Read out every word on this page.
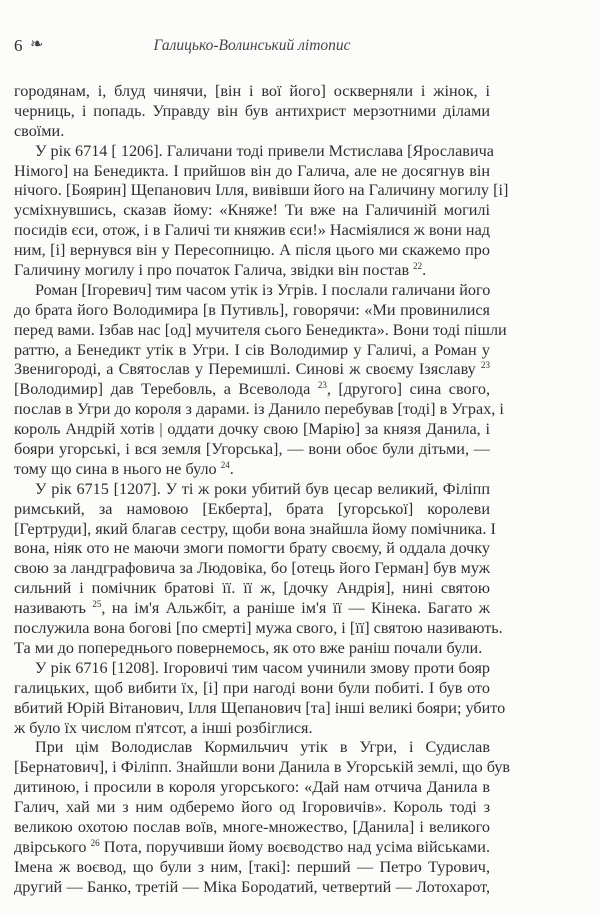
6 ❧	Галицько-Волинський літопис
городянам, і, блуд чинячи, [він і вої його] оскверняли і жінок, і
черниць, і попадь. Управду він був антихрист мерзотними ділами
своїми.
У рік 6714 [ 1206]. Галичани тоді привели Мстислава [Ярославича
Німого] на Бенедикта. І прийшов він до Галича, але не досягнув він
нічого. [Боярин] Щепанович Ілля, вивівши його на Галичину могилу [і]
усміхнувшись, сказав йому: «Княже! Ти вже на Галичиній могилі
посидів єси, отож, і в Галичі ти княжив єси!» Насміялися ж вони над
ним, [і] вернувся він у Пересопницю. А після цього ми скажемо про
Галичину могилу і про початок Галича, звідки він постав $^{22}$.
Роман [Ігоревич] тим часом утік із Угрів. І послали галичани його
до брата його Володимира [в Путивль], говорячи: «Ми провинилися
перед вами. Ізбав нас [од] мучителя сього Бенедикта». Вони тоді пішли
раттю, а Бенедикт утік в Угри. І сів Володимир у Галичі, а Роман у
Звенигороді, а Святослав у Перемишлі. Синові ж своєму Ізяславу $^{23}$
[Володимир] дав Теребовль, а Всеволода $^{23}$, [другого] сина свого,
послав в Угри до короля з дарами. із Данило перебував [тоді] в Уграх, і
король Андрій хотів | оддати дочку свою [Марію] за князя Данила, і
бояри угорські, і вся земля [Угорська], — вони обоє були дітьми, —
тому що сина в нього не було $^{24}$.
У рік 6715 [1207]. У ті ж роки убитий був цесар великий, Філіпп
римський, за намовою [Екберта], брата [угорської] королеви
[Гертруди], який благав сестру, щоби вона знайшла йому помічника. І
вона, ніяк ото не маючи змоги помогти брату своєму, й оддала дочку
свою за ландграфовича за Людовіка, бо [отець його Герман] був муж
сильний і помічник братові її. її ж, [дочку Андрія], нині святою
називають $^{25}$, на ім'я Альжбіт, а раніше ім'я її — Кінека. Багато ж
послужила вона богові [по смерті] мужа свого, і [її] святою називають.
Та ми до попереднього повернемось, як ото вже раніш почали були.
У рік 6716 [1208]. Ігоровичі тим часом учинили змову проти бояр
галицьких, щоб вибити їх, [і] при нагоді вони були побиті. І був ото
вбитий Юрій Вітанович, Ілля Щепанович [та] інші великі бояри; убито
ж було їх числом п'ятсот, а інші розбіглися.
При цім Володислав Кормильчич утік в Угри, і Судислав
[Бернатович], і Філіпп. Знайшли вони Данила в Угорській землі, що був
дитиною, і просили в короля угорського: «Дай нам отчича Данила в
Галич, хай ми з ним одберемо його од Ігоровичів». Король тоді з
великою охотою послав воїв, многе-множество, [Данила] і великого
двірського $^{26}$ Пота, поручивши йому воєводство над усіма військами.
Імена ж воєвод, що були з ним, [такі]: перший — Петро Турович,
другий — Банко, третій — Міка Бородатий, четвертий — Лотохарот,
